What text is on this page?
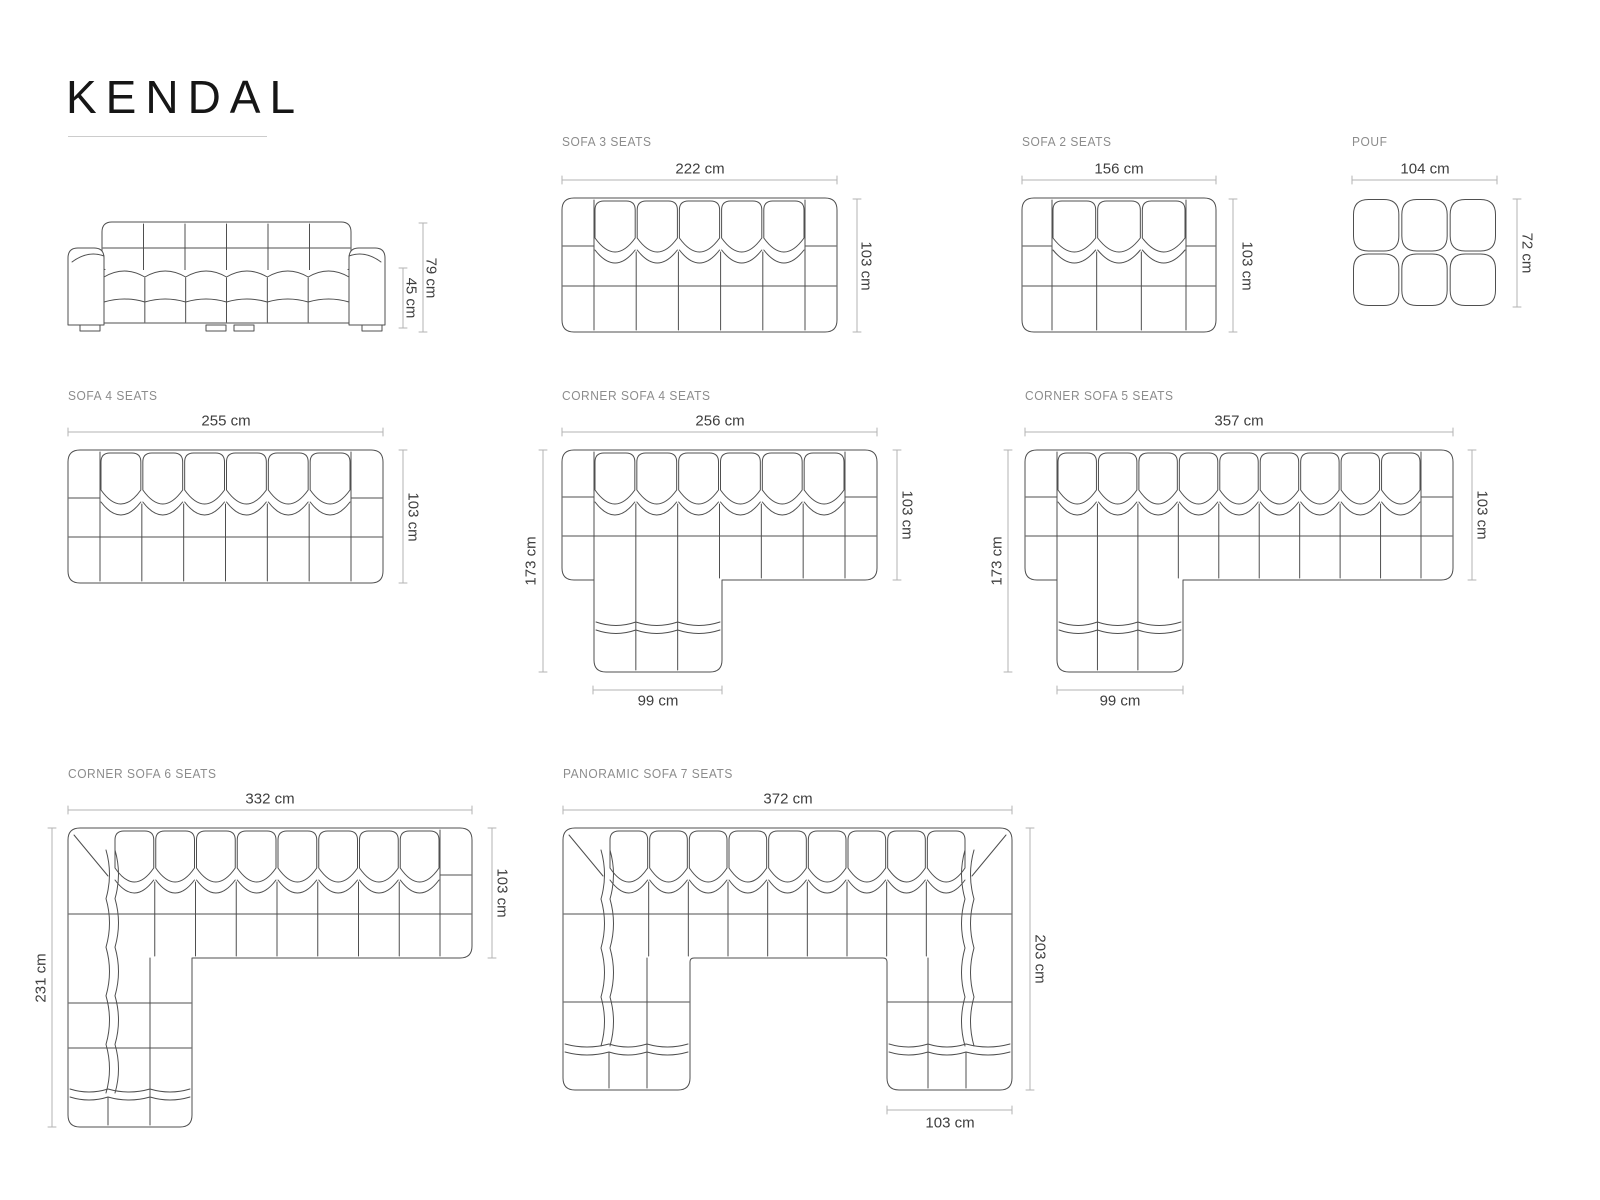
KENDAL
79 cm
45 cm
SOFA 3 SEATS
222 cm
103 cm
SOFA 2 SEATS
156 cm
103 cm
POUF
104 cm
72 cm
SOFA 4 SEATS
255 cm
103 cm
CORNER SOFA 4 SEATS
256 cm
103 cm
173 cm
99 cm
CORNER SOFA 5 SEATS
357 cm
103 cm
173 cm
99 cm
CORNER SOFA 6 SEATS
332 cm
103 cm
231 cm
PANORAMIC SOFA 7 SEATS
372 cm
203 cm
103 cm
